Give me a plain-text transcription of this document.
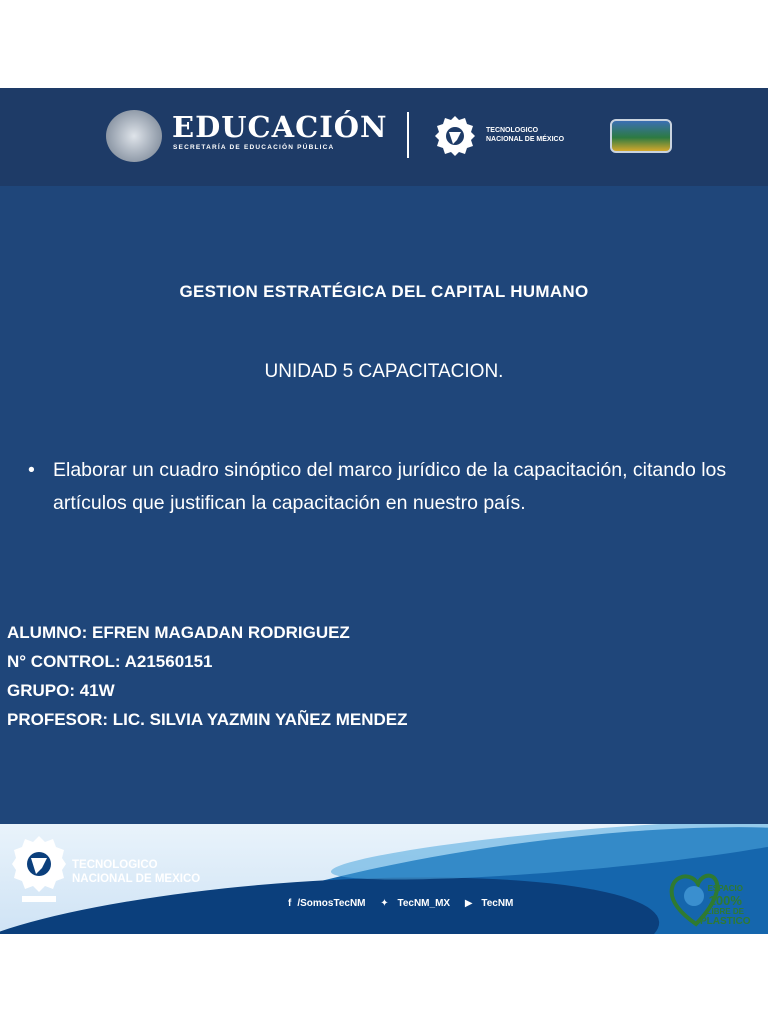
EDUCACIÓN
SECRETARÍA DE EDUCACIÓN PÚBLICA
TECNOLOGICO
NACIONAL DE MÉXICO
GESTION ESTRATÉGICA DEL CAPITAL HUMANO
UNIDAD 5 CAPACITACION.
• Elaborar un cuadro sinóptico del marco jurídico de la capacitación, citando los artículos que justifican la capacitación en nuestro país.
ALUMNO: EFREN MAGADAN RODRIGUEZ
N° CONTROL: A21560151
GRUPO: 41W
PROFESOR: LIC. SILVIA YAZMIN YAÑEZ MENDEZ
TECNOLOGICO
NACIONAL DE MEXICO
f /SomosTecNM ✦ TecNM_MX ▶ TecNM
ESPACIO
100%
LIBRE DE
PLASTICO
